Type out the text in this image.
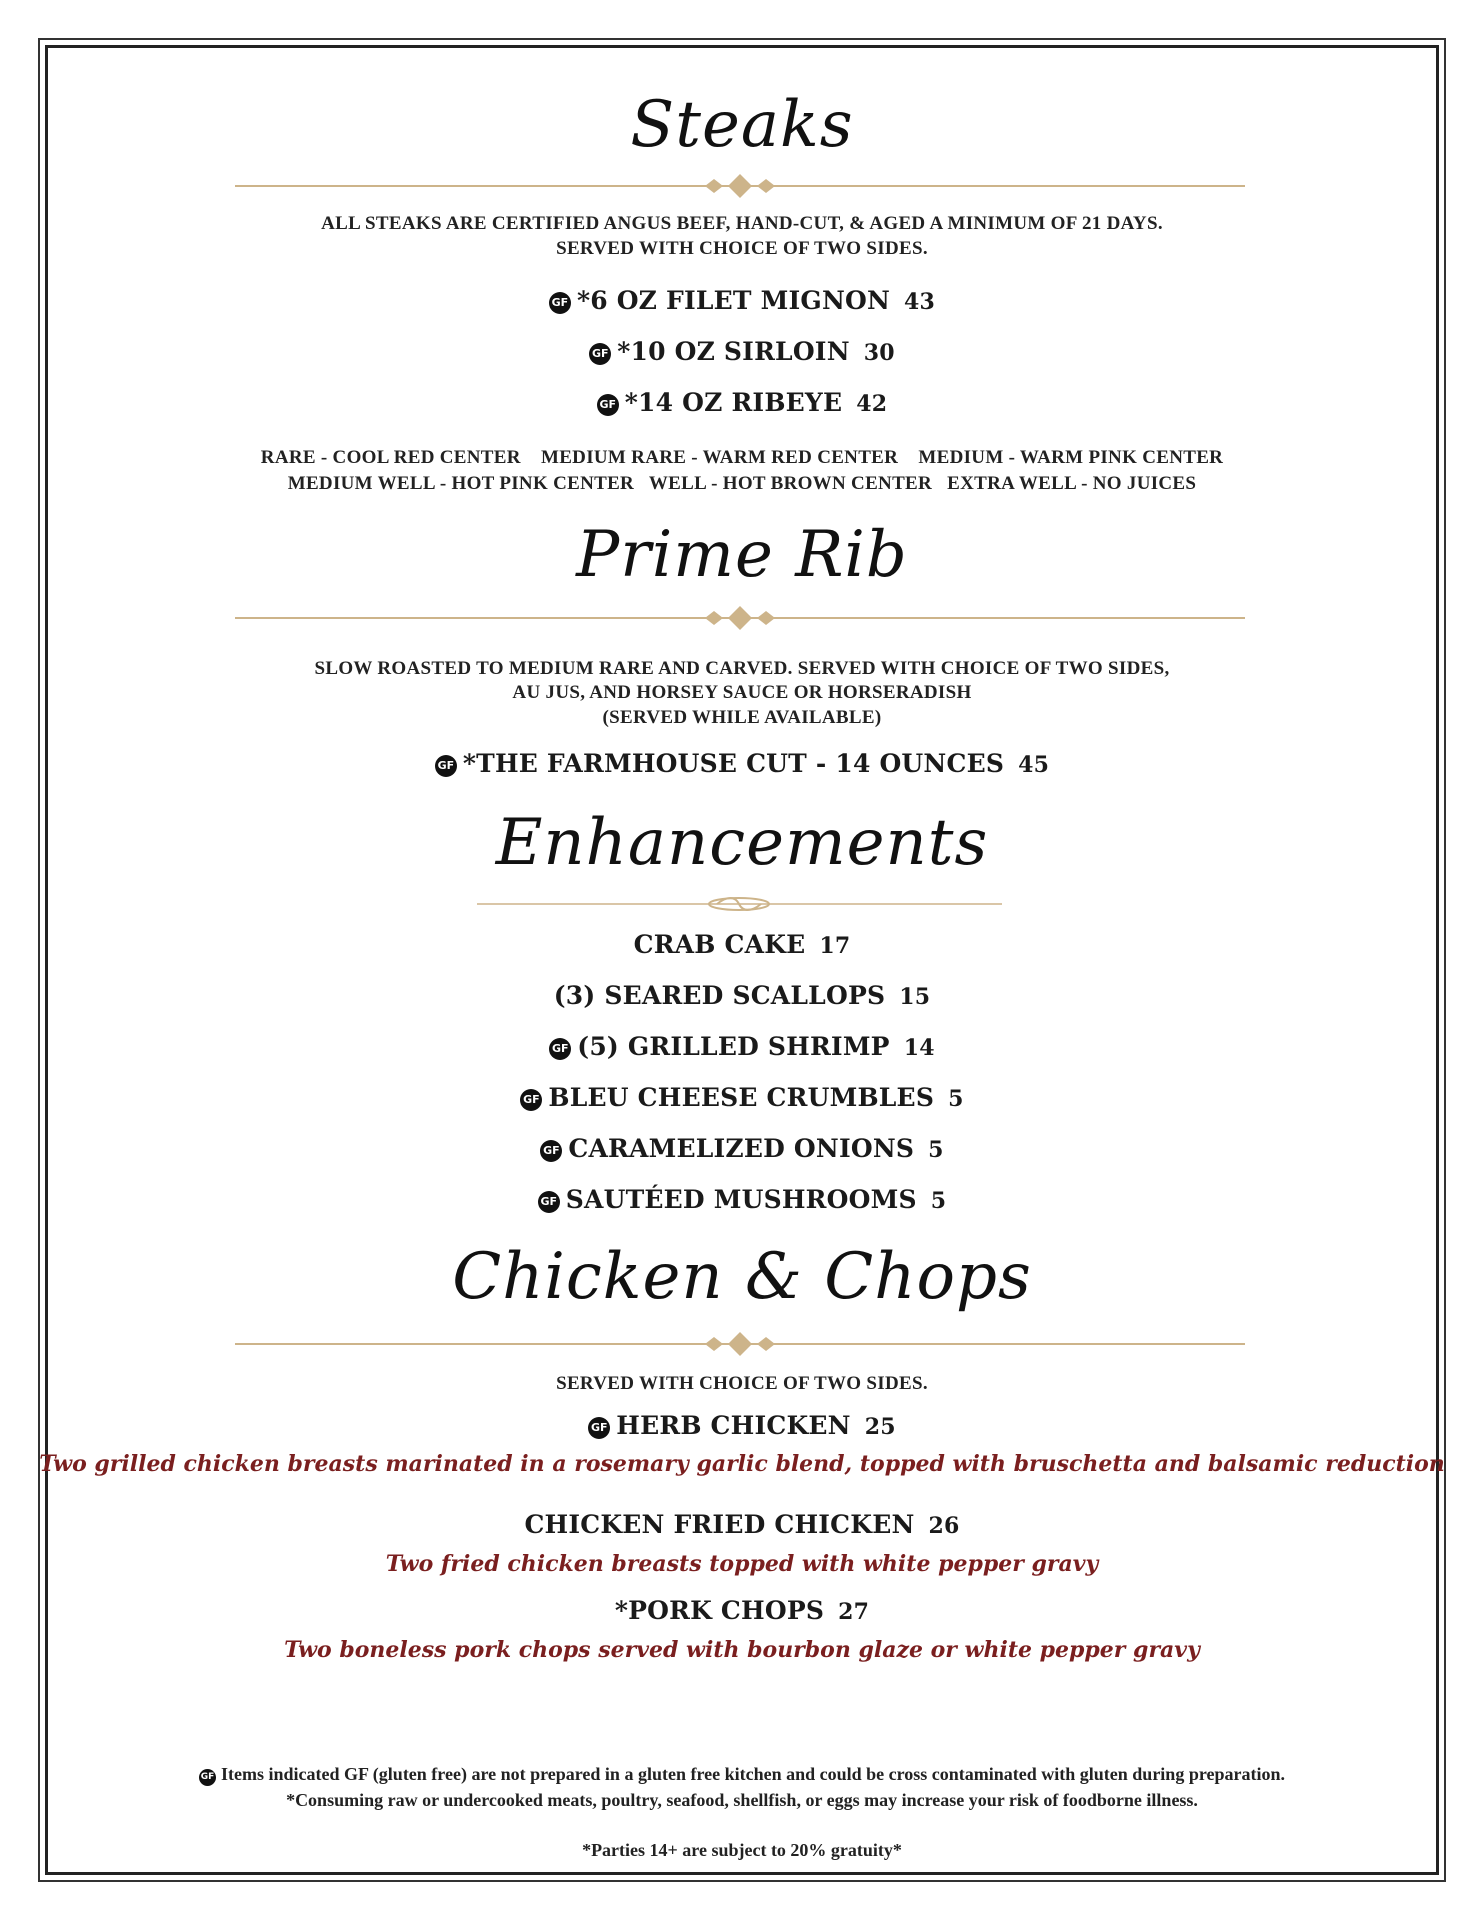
Steaks
ALL STEAKS ARE CERTIFIED ANGUS BEEF, HAND-CUT, & AGED A MINIMUM OF 21 DAYS.
SERVED WITH CHOICE OF TWO SIDES.
GF *6 OZ FILET MIGNON 43
GF *10 OZ SIRLOIN 30
GF *14 OZ RIBEYE 42
RARE - COOL RED CENTER    MEDIUM RARE - WARM RED CENTER    MEDIUM - WARM PINK CENTER
MEDIUM WELL - HOT PINK CENTER   WELL - HOT BROWN CENTER   EXTRA WELL - NO JUICES
Prime Rib
SLOW ROASTED TO MEDIUM RARE AND CARVED. SERVED WITH CHOICE OF TWO SIDES,
AU JUS, AND HORSEY SAUCE OR HORSERADISH
(SERVED WHILE AVAILABLE)
GF *THE FARMHOUSE CUT - 14 OUNCES 45
Enhancements
CRAB CAKE 17
(3) SEARED SCALLOPS 15
GF (5) GRILLED SHRIMP 14
GF BLEU CHEESE CRUMBLES 5
GF CARAMELIZED ONIONS 5
GF SAUTÉED MUSHROOMS 5
Chicken & Chops
SERVED WITH CHOICE OF TWO SIDES.
GF HERB CHICKEN 25
Two grilled chicken breasts marinated in a rosemary garlic blend, topped with bruschetta and balsamic reduction
CHICKEN FRIED CHICKEN 26
Two fried chicken breasts topped with white pepper gravy
*PORK CHOPS 27
Two boneless pork chops served with bourbon glaze or white pepper gravy
GF Items indicated GF (gluten free) are not prepared in a gluten free kitchen and could be cross contaminated with gluten during preparation.
*Consuming raw or undercooked meats, poultry, seafood, shellfish, or eggs may increase your risk of foodborne illness.
*Parties 14+ are subject to 20% gratuity*
